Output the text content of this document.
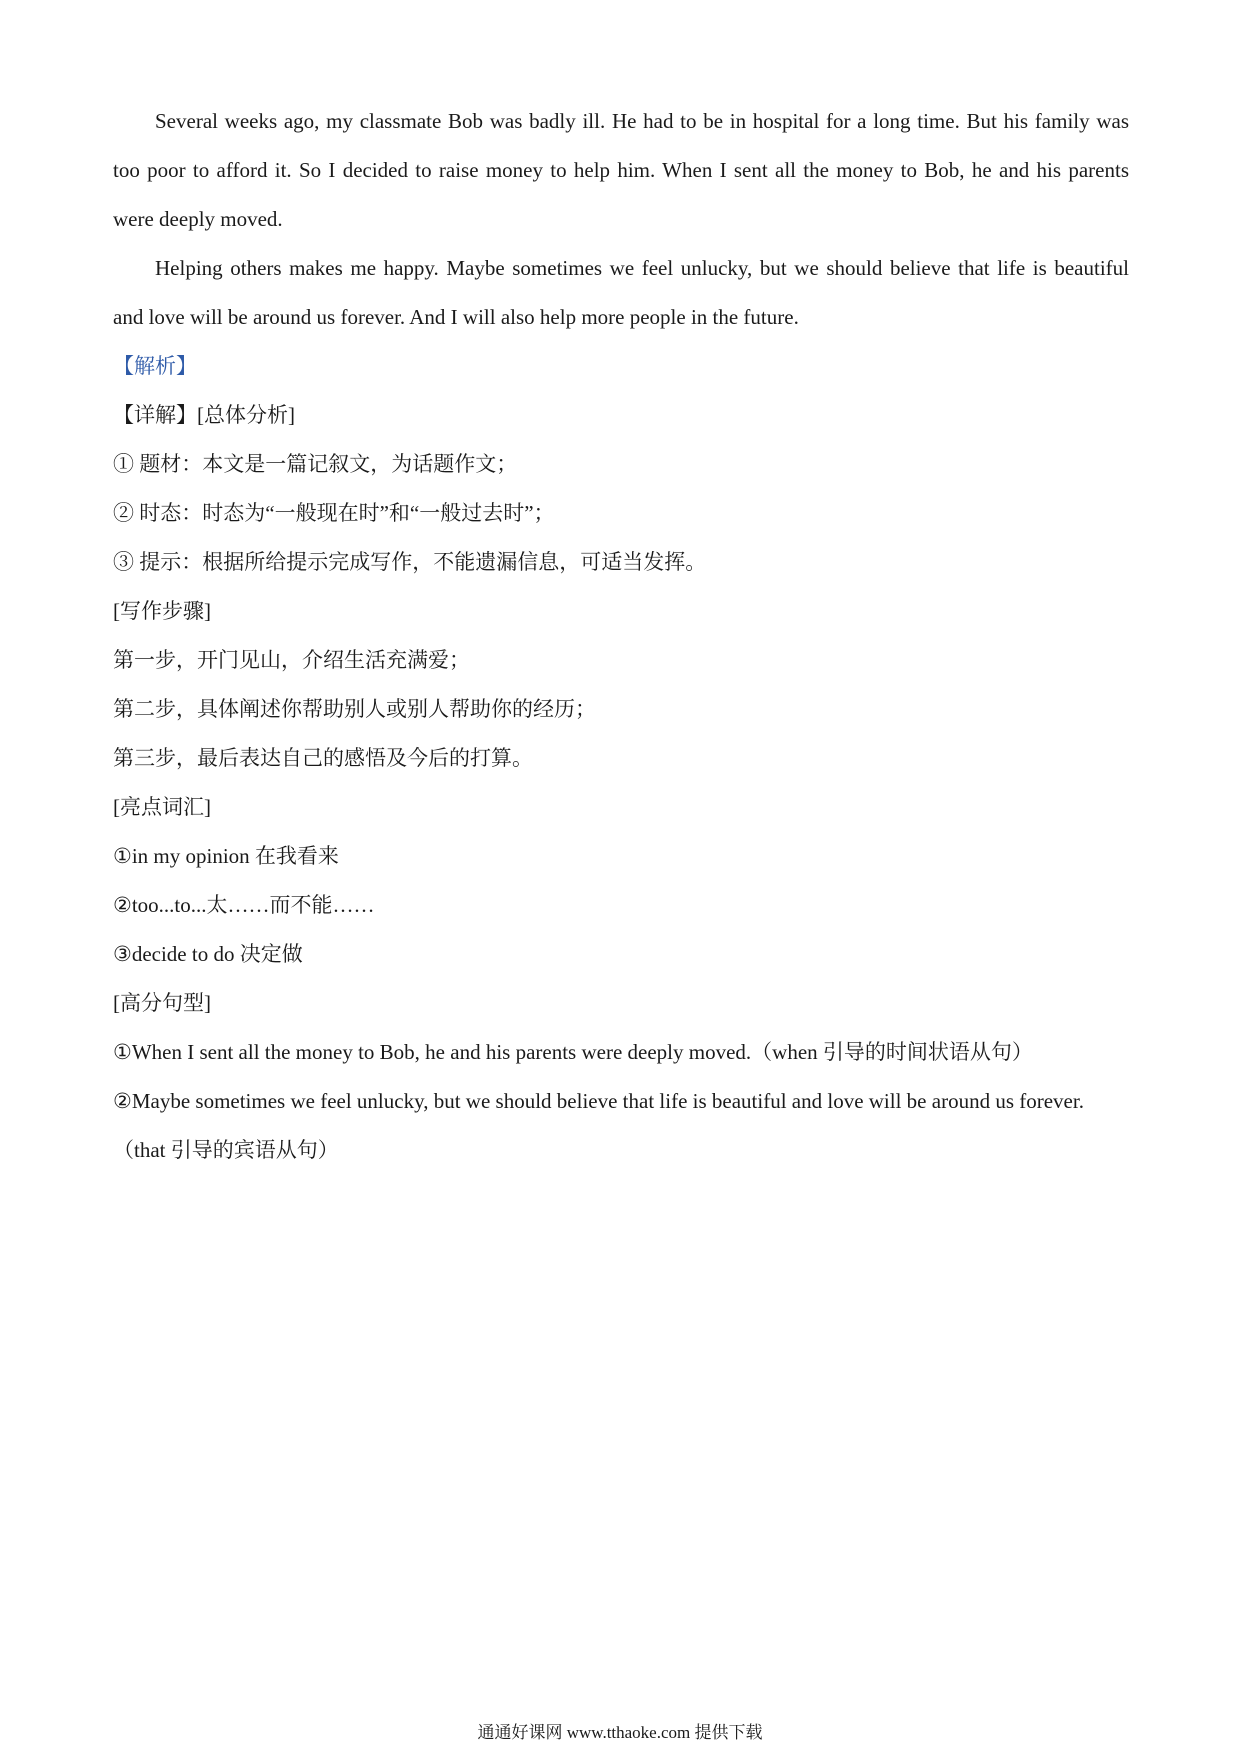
Several weeks ago, my classmate Bob was badly ill. He had to be in hospital for a long time. But his family was
too poor to afford it. So I decided to raise money to help him. When I sent all the money to Bob, he and his parents
were deeply moved.
Helping others makes me happy. Maybe sometimes we feel unlucky, but we should believe that life is beautiful
and love will be around us forever. And I will also help more people in the future.
【解析】
【详解】[总体分析]
① 题材：本文是一篇记叙文，为话题作文；
② 时态：时态为“一般现在时”和“一般过去时”；
③ 提示：根据所给提示完成写作，不能遗漏信息，可适当发挥。
[写作步骤]
第一步，开门见山，介绍生活充满爱；
第二步，具体阐述你帮助别人或别人帮助你的经历；
第三步，最后表达自己的感悟及今后的打算。
[亮点词汇]
①in my opinion 在我看来
②too...to...太……而不能……
③decide to do 决定做
[高分句型]
①When I sent all the money to Bob, he and his parents were deeply moved.（when 引导的时间状语从句）
②Maybe sometimes we feel unlucky, but we should believe that life is beautiful and love will be around us forever.
（that 引导的宾语从句）
通通好课网 www.tthaoke.com 提供下载
